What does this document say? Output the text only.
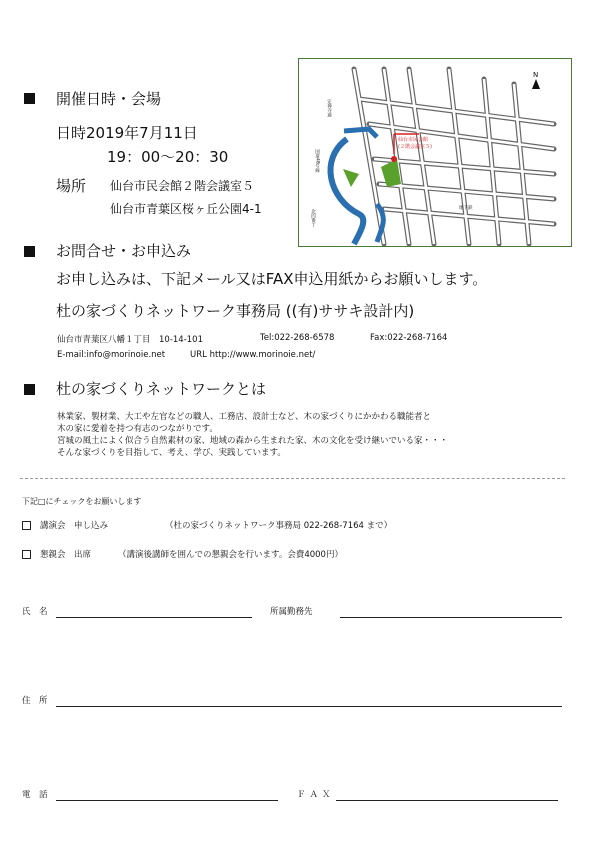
開催日時・会場
日時2019年7月11日
19：00～20：30
場所 仙台市民会館２階会議室５
仙台市青葉区桜ヶ丘公園4-1
仙台市民会館
(２階会議室５)
N
定禅寺通
国道48号線
北四番丁
地下鉄
お問合せ・お申込み
お申し込みは、下記メール又はFAX申込用紙からお願いします。
杜の家づくりネットワーク事務局 ((有)ササキ設計内)
仙台市青葉区八幡１丁目　10-14-101	Tel:022-268-6578	Fax:022-268-7164
E-mail:info@morinoie.net	URL http://www.morinoie.net/
杜の家づくりネットワークとは
林業家、製材業、大工や左官などの職人、工務店、設計士など、木の家づくりにかかわる職能者と
木の家に愛着を持つ有志のつながりです。
宮城の風土によく似合う自然素材の家、地域の森から生まれた家、木の文化を受け継いでいる家・・・
そんな家づくりを目指して、考え、学び、実践しています。
下記□にチェックをお願いします
講演会　申し込み	（杜の家づくりネットワーク事務局 022-268-7164 まで）
懇親会　出席	（講演後講師を囲んでの懇親会を行います。会費4000円）
氏　名	所属勤務先
住　所
電　話	ＦＡＸ
